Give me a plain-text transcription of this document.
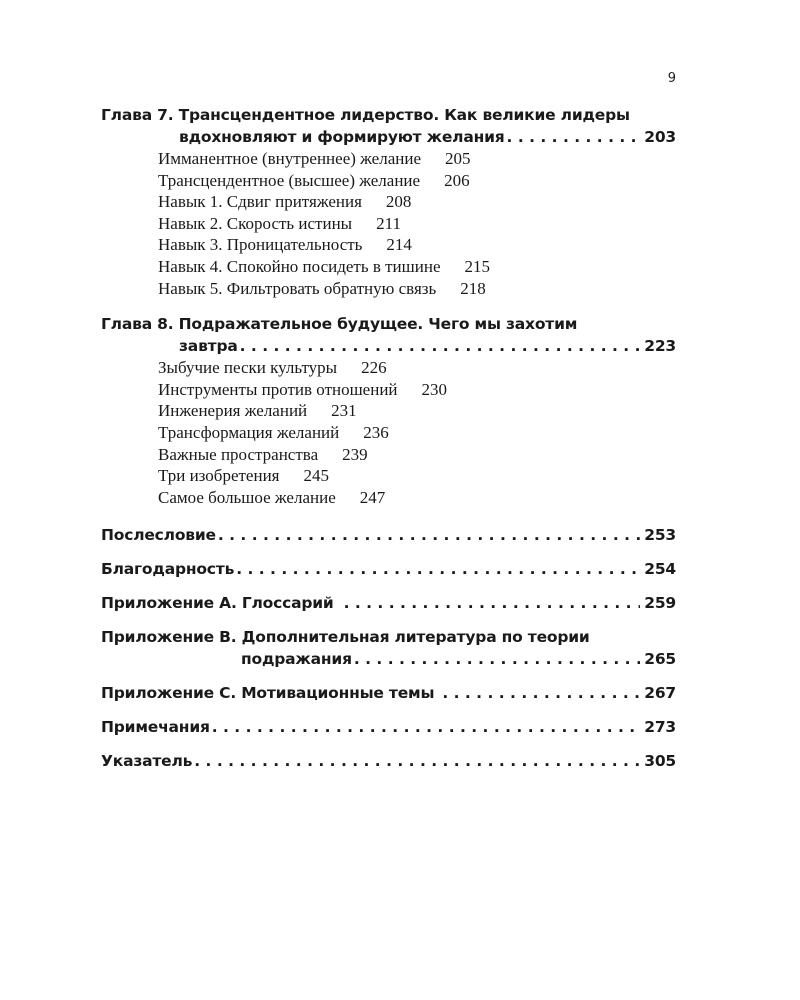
9
Глава 7. Трансцендентное лидерство. Как великие лидеры
вдохновляют и формируют желания . . .	203
Имманентное (внутреннее) желание 205
Трансцендентное (высшее) желание 206
Навык 1. Сдвиг притяжения 208
Навык 2. Скорость истины 211
Навык 3. Проницательность 214
Навык 4. Спокойно посидеть в тишине 215
Навык 5. Фильтровать обратную связь 218
Глава 8. Подражательное будущее. Чего мы захотим
завтра . . .	223
Зыбучие пески культуры 226
Инструменты против отношений 230
Инженерия желаний 231
Трансформация желаний 236
Важные пространства 239
Три изобретения 245
Самое большое желание 247
Послесловие . . .	253
Благодарность . . .	254
Приложение А. Глоссарий . . .	259
Приложение В. Дополнительная литература по теории
подражания . . .	265
Приложение С. Мотивационные темы . . .	267
Примечания . . .	273
Указатель . . .	305
